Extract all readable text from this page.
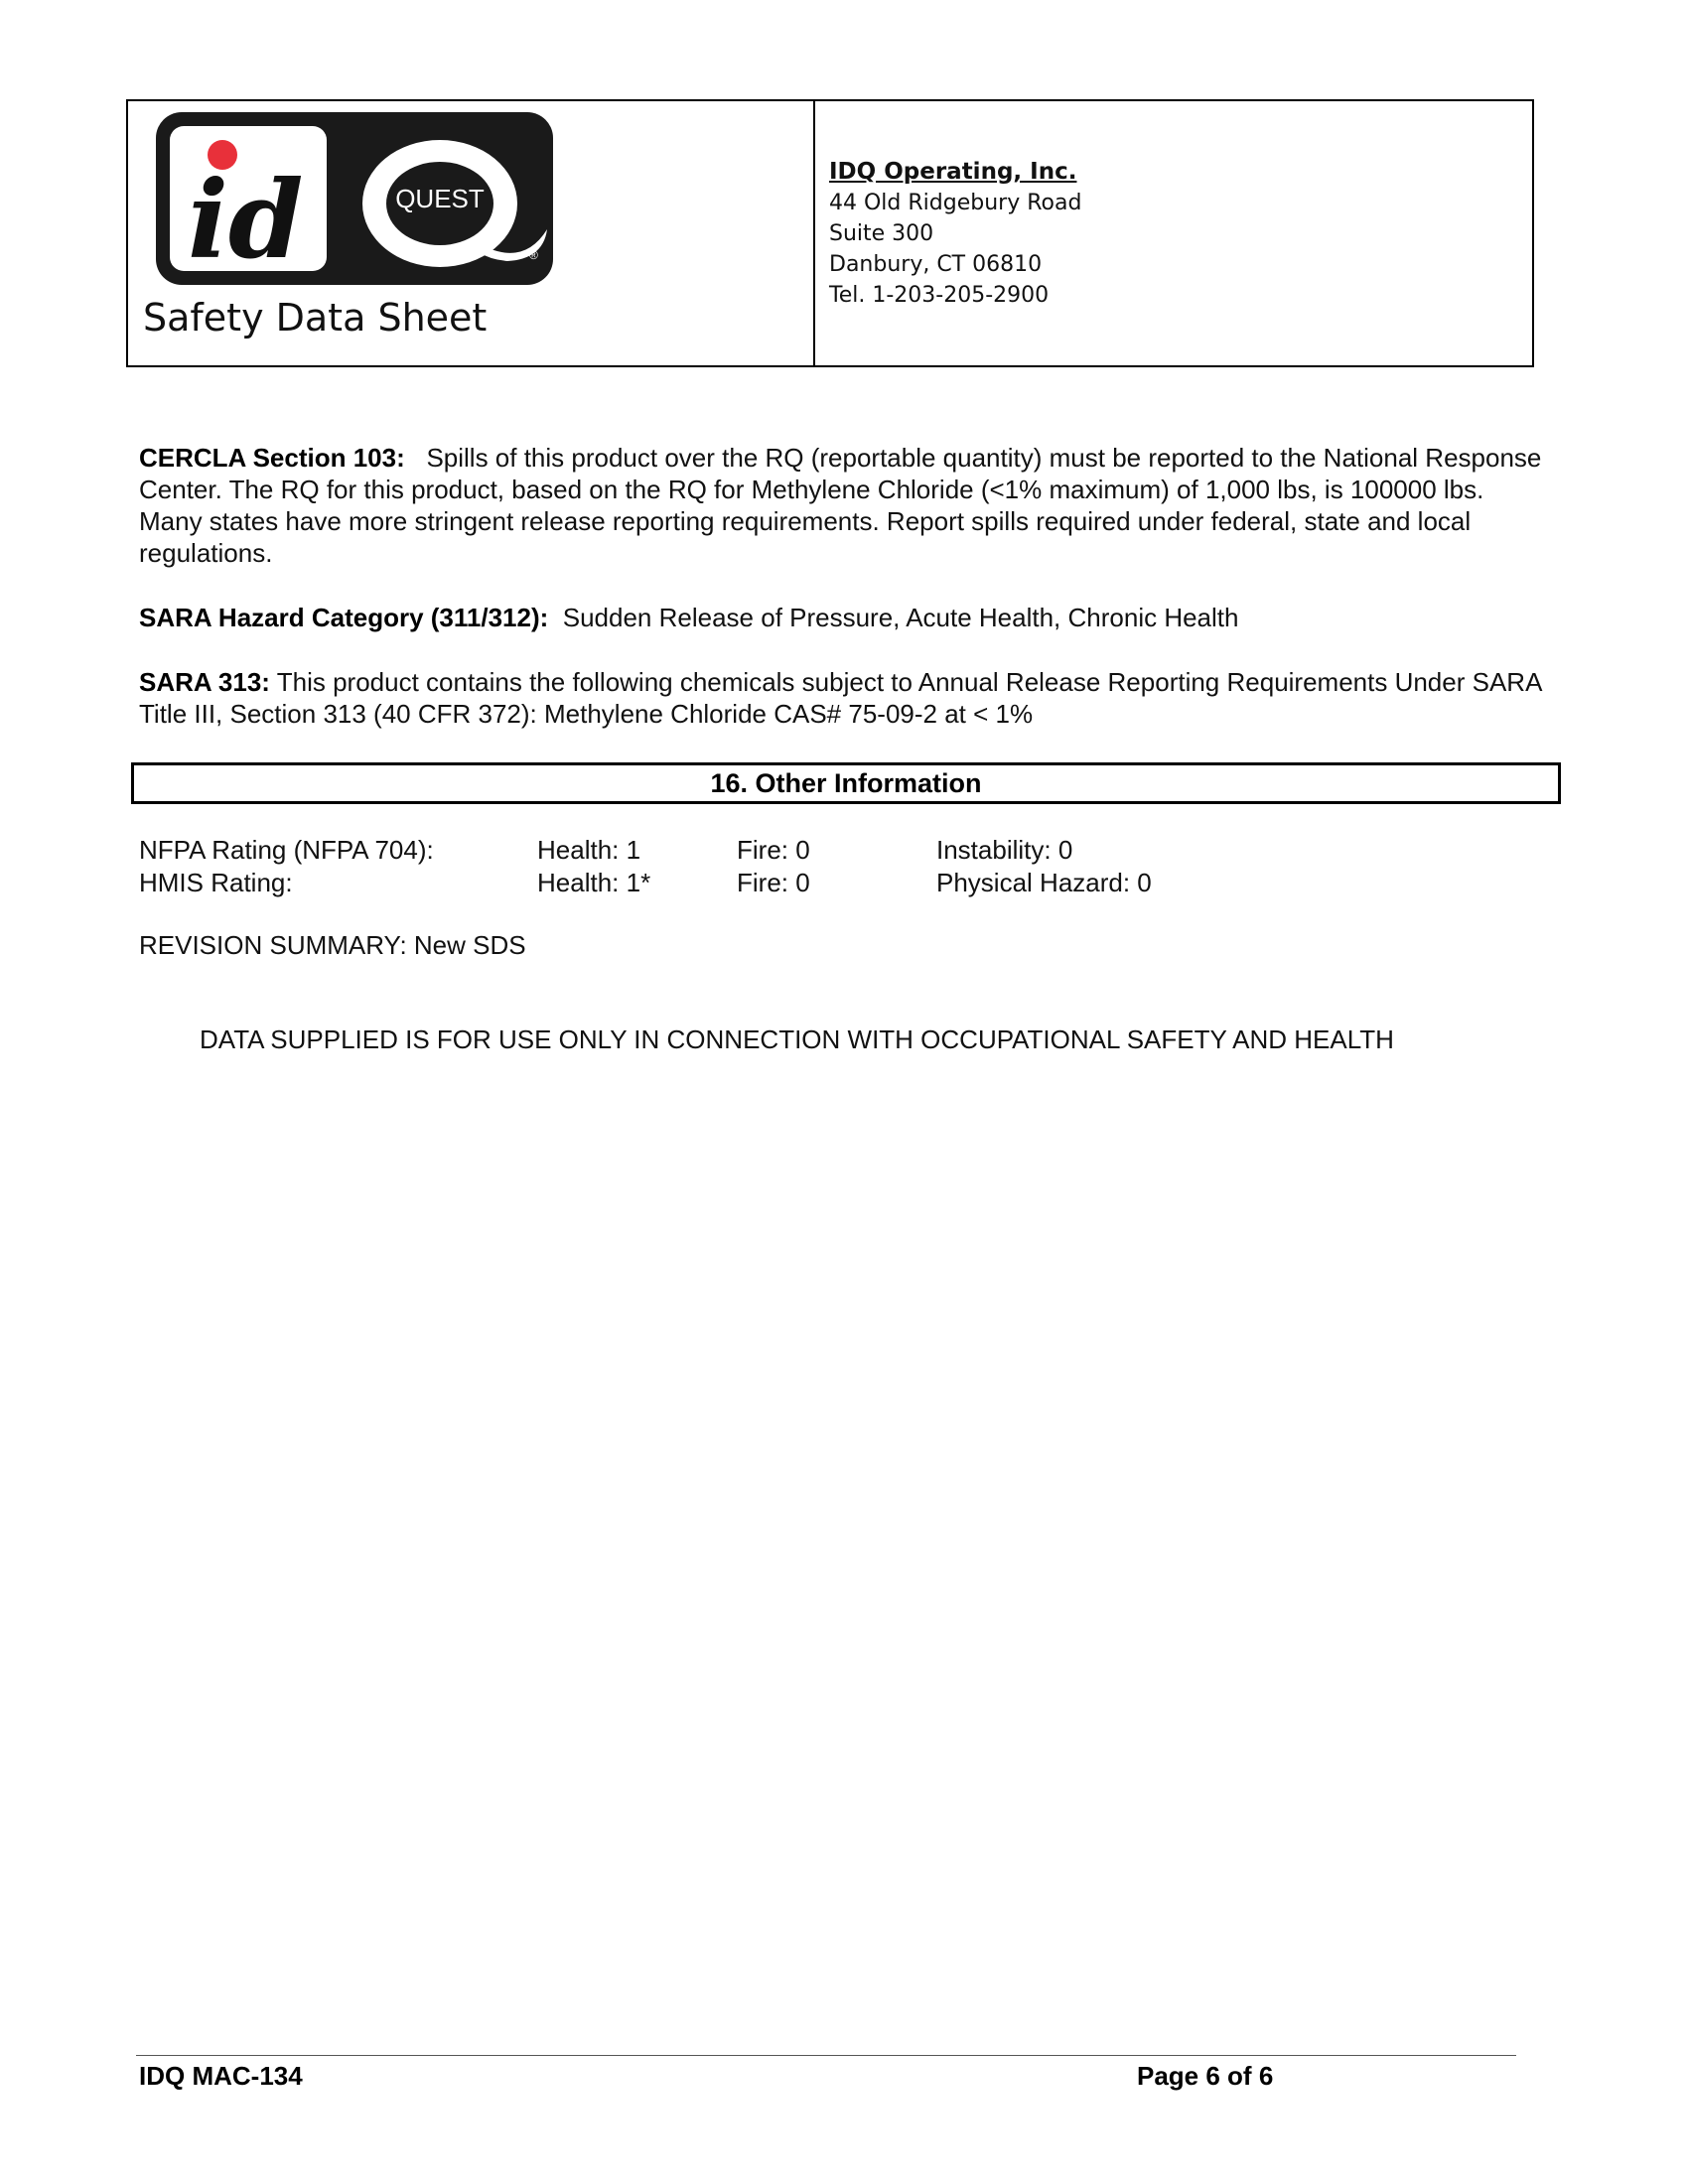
id	QUEST
®
Safety Data Sheet
IDQ Operating, Inc.
44 Old Ridgebury Road
Suite 300
Danbury, CT 06810
Tel. 1-203-205-2900
CERCLA Section 103: Spills of this product over the RQ (reportable quantity) must be reported to the National Response Center. The RQ for this product, based on the RQ for Methylene Chloride (<1% maximum) of 1,000 lbs, is 100000 lbs. Many states have more stringent release reporting requirements. Report spills required under federal, state and local regulations.
SARA Hazard Category (311/312): Sudden Release of Pressure, Acute Health, Chronic Health
SARA 313: This product contains the following chemicals subject to Annual Release Reporting Requirements Under SARA Title III, Section 313 (40 CFR 372): Methylene Chloride CAS# 75-09-2 at < 1%
16. Other Information
NFPA Rating (NFPA 704):	Health: 1	Fire: 0	Instability: 0
HMIS Rating:	Health: 1*	Fire: 0	Physical Hazard: 0
REVISION SUMMARY: New SDS
DATA SUPPLIED IS FOR USE ONLY IN CONNECTION WITH OCCUPATIONAL SAFETY AND HEALTH
IDQ MAC-134	Page 6 of 6
